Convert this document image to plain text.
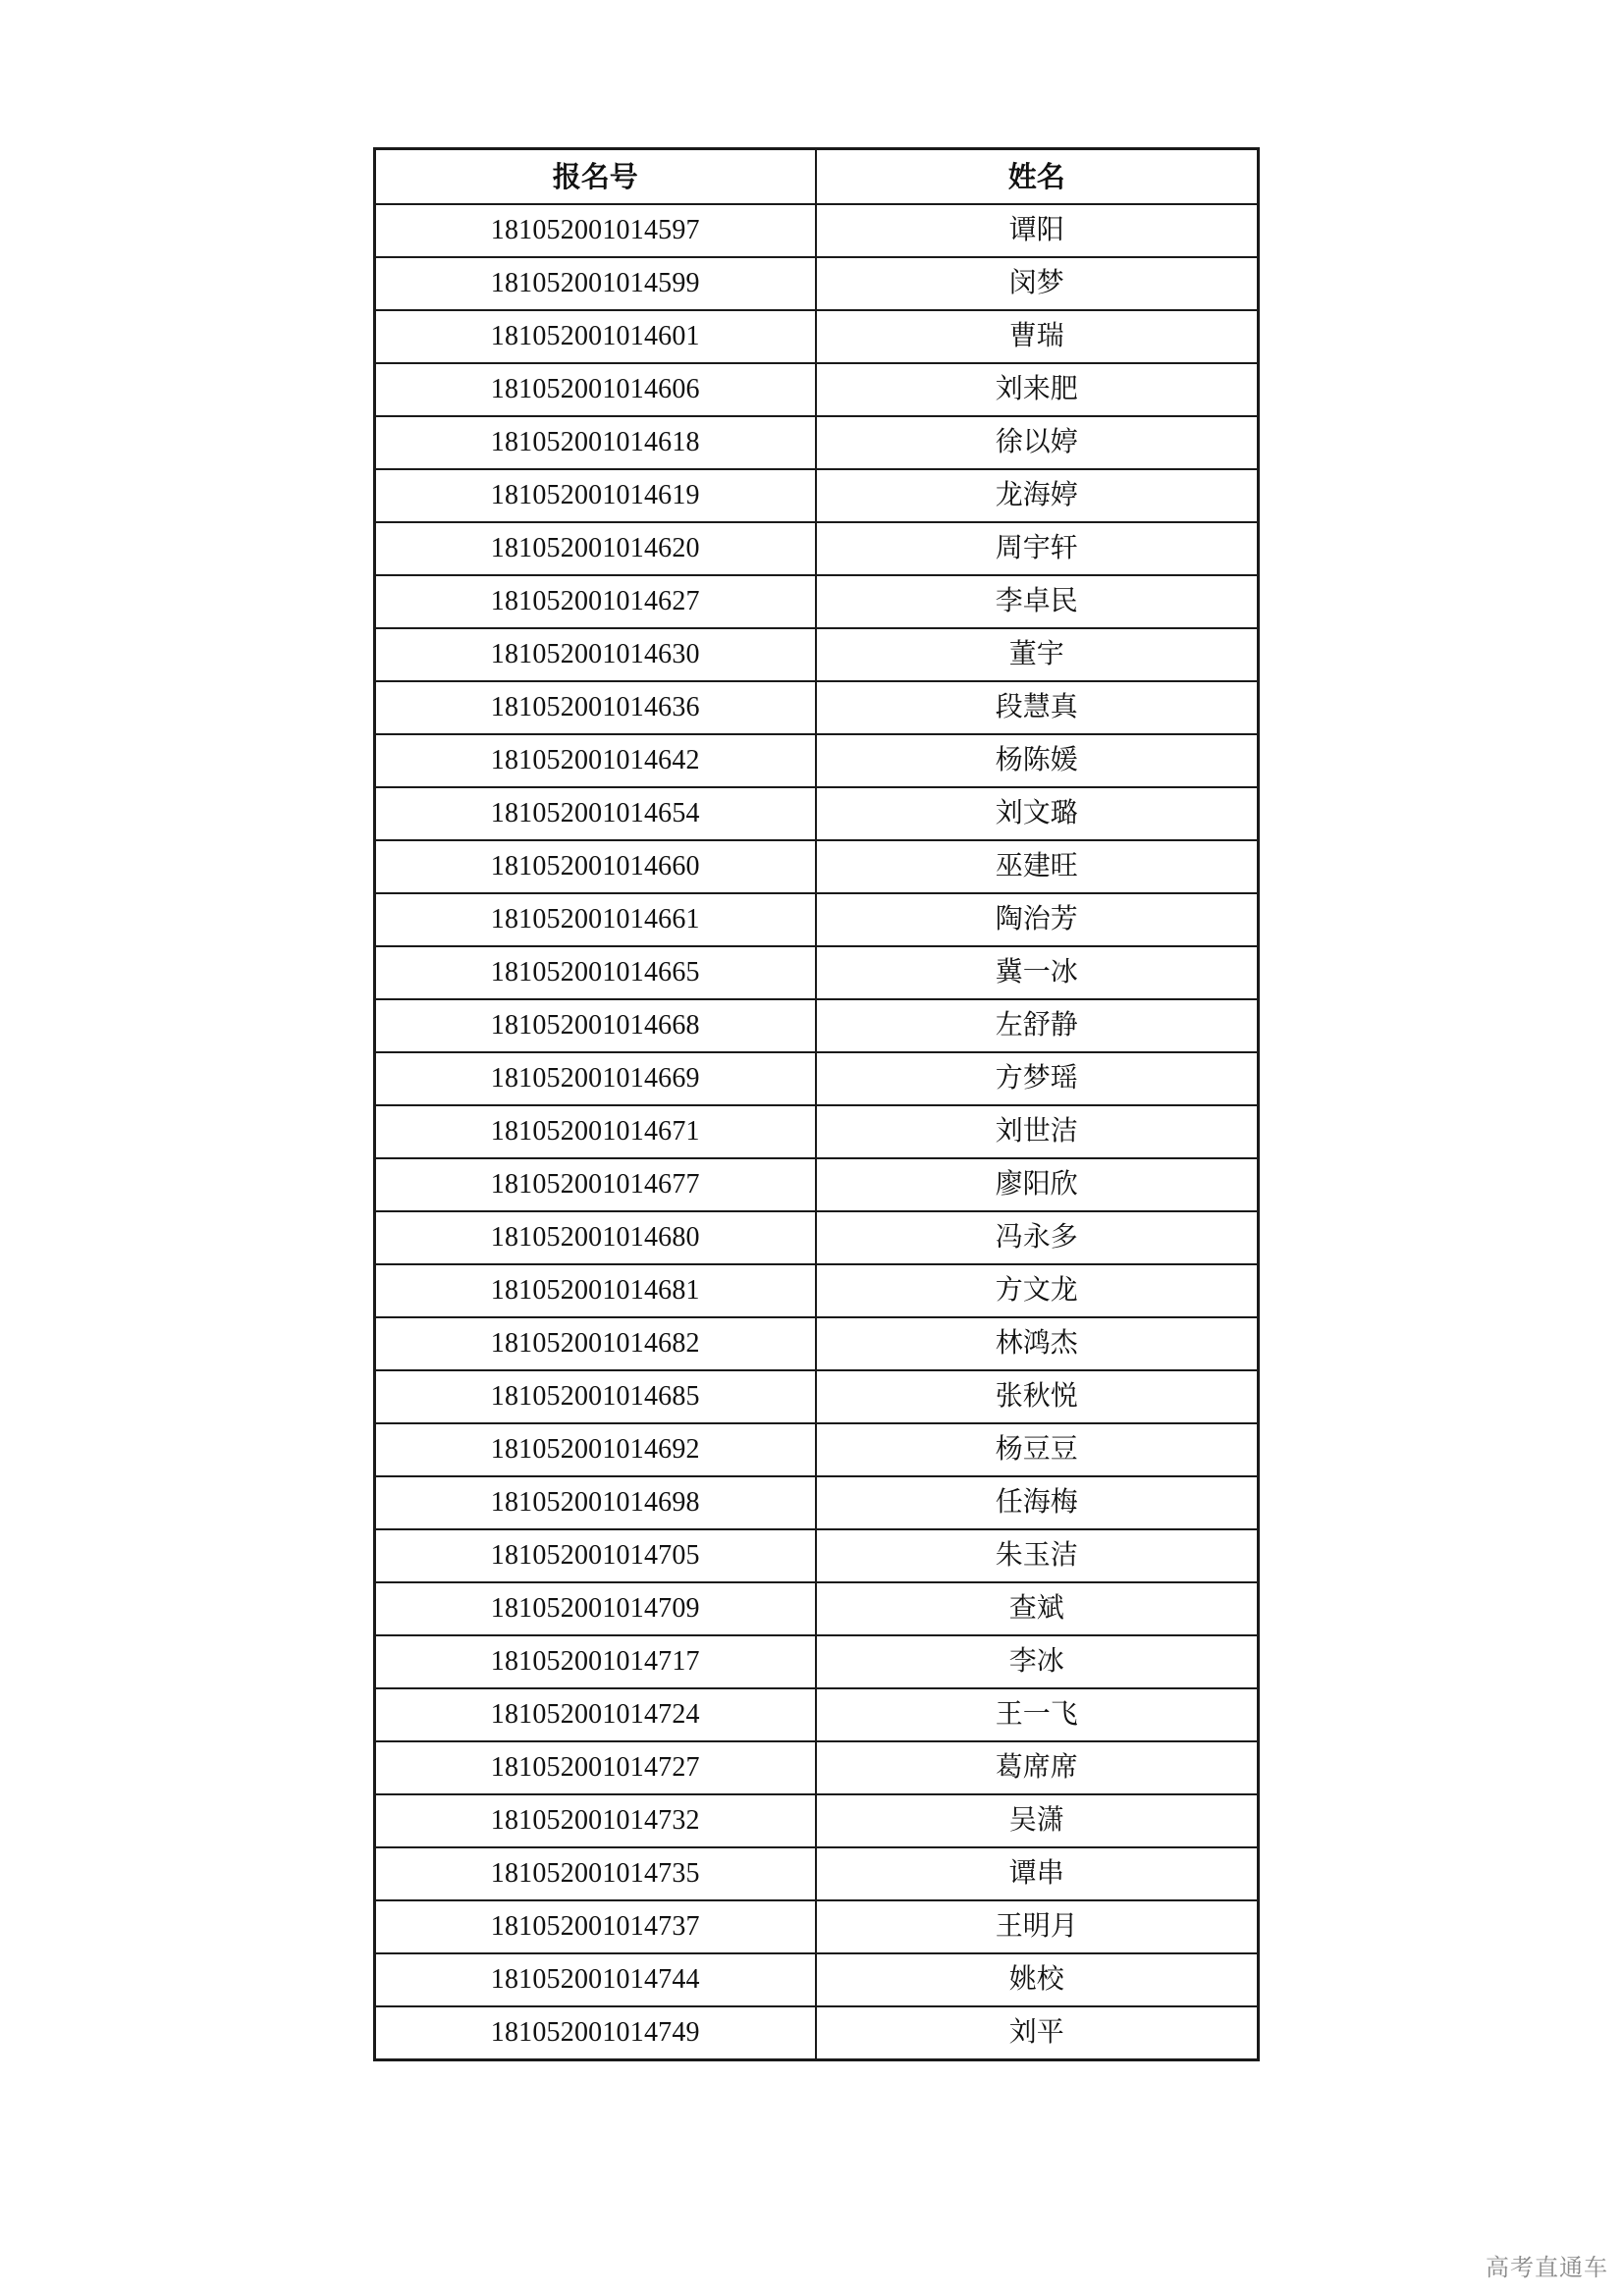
报名号	姓名
181052001014597	谭阳
181052001014599	闵梦
181052001014601	曹瑞
181052001014606	刘来肥
181052001014618	徐以婷
181052001014619	龙海婷
181052001014620	周宇轩
181052001014627	李卓民
181052001014630	董宇
181052001014636	段慧真
181052001014642	杨陈媛
181052001014654	刘文璐
181052001014660	巫建旺
181052001014661	陶治芳
181052001014665	冀一冰
181052001014668	左舒静
181052001014669	方梦瑶
181052001014671	刘世洁
181052001014677	廖阳欣
181052001014680	冯永多
181052001014681	方文龙
181052001014682	林鸿杰
181052001014685	张秋悦
181052001014692	杨豆豆
181052001014698	任海梅
181052001014705	朱玉洁
181052001014709	查斌
181052001014717	李冰
181052001014724	王一飞
181052001014727	葛席席
181052001014732	吴潇
181052001014735	谭串
181052001014737	王明月
181052001014744	姚校
181052001014749	刘平
高考直通车
